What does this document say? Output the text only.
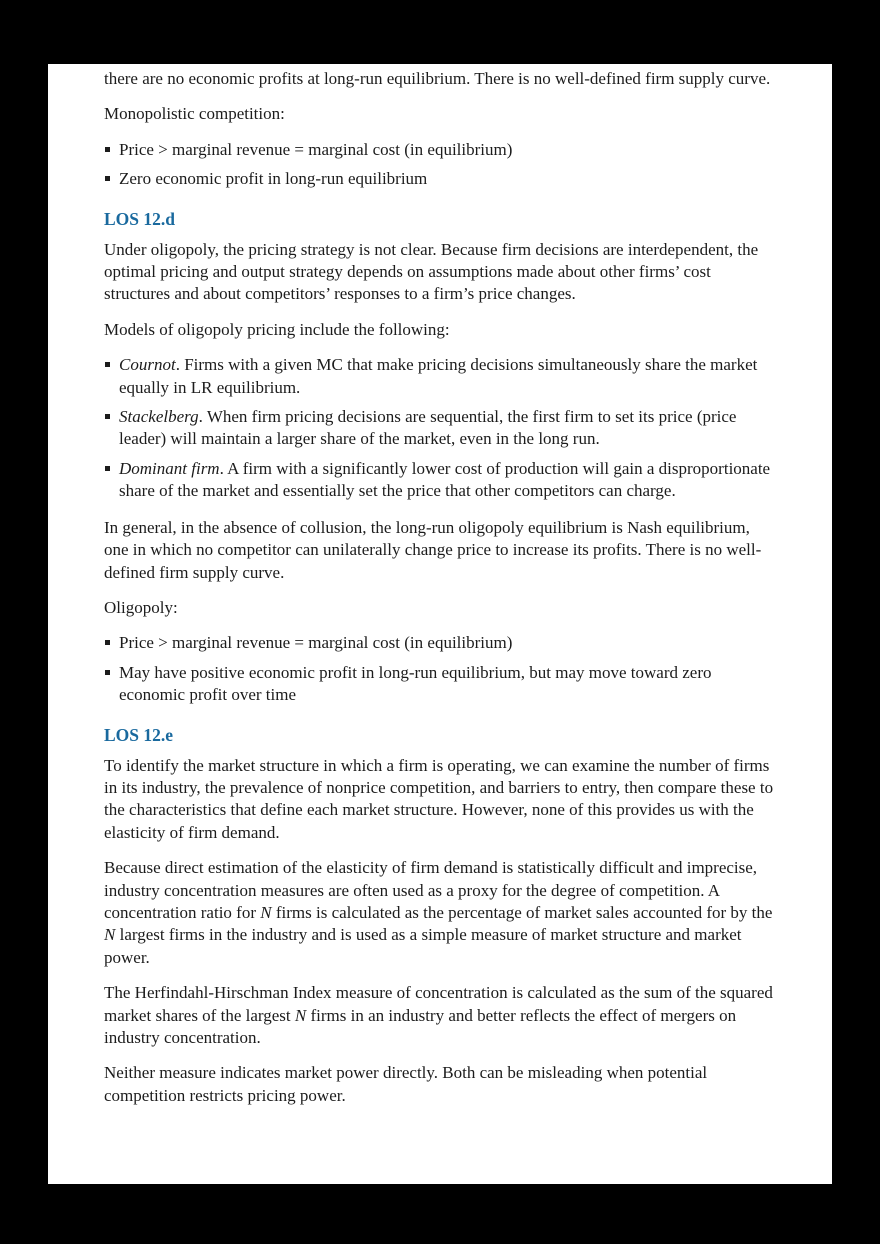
there are no economic profits at long-run equilibrium. There is no well-defined firm supply curve.

Monopolistic competition:

Price > marginal revenue = marginal cost (in equilibrium)
Zero economic profit in long-run equilibrium
LOS 12.d

Under oligopoly, the pricing strategy is not clear. Because firm decisions are interdependent, the optimal pricing and output strategy depends on assumptions made about other firms’ cost structures and about competitors’ responses to a firm’s price changes.

Models of oligopoly pricing include the following:

Cournot. Firms with a given MC that make pricing decisions simultaneously share the market equally in LR equilibrium.
Stackelberg. When firm pricing decisions are sequential, the first firm to set its price (price leader) will maintain a larger share of the market, even in the long run.
Dominant firm. A firm with a significantly lower cost of production will gain a disproportionate share of the market and essentially set the price that other competitors can charge.

In general, in the absence of collusion, the long-run oligopoly equilibrium is Nash equilibrium, one in which no competitor can unilaterally change price to increase its profits. There is no well-defined firm supply curve.

Oligopoly:

Price > marginal revenue = marginal cost (in equilibrium)
May have positive economic profit in long-run equilibrium, but may move toward zero economic profit over time
LOS 12.e

To identify the market structure in which a firm is operating, we can examine the number of firms in its industry, the prevalence of nonprice competition, and barriers to entry, then compare these to the characteristics that define each market structure. However, none of this provides us with the elasticity of firm demand.

Because direct estimation of the elasticity of firm demand is statistically difficult and imprecise, industry concentration measures are often used as a proxy for the degree of competition. A concentration ratio for N firms is calculated as the percentage of market sales accounted for by the N largest firms in the industry and is used as a simple measure of market structure and market power.

The Herfindahl-Hirschman Index measure of concentration is calculated as the sum of the squared market shares of the largest N firms in an industry and better reflects the effect of mergers on industry concentration.

Neither measure indicates market power directly. Both can be misleading when potential competition restricts pricing power.
